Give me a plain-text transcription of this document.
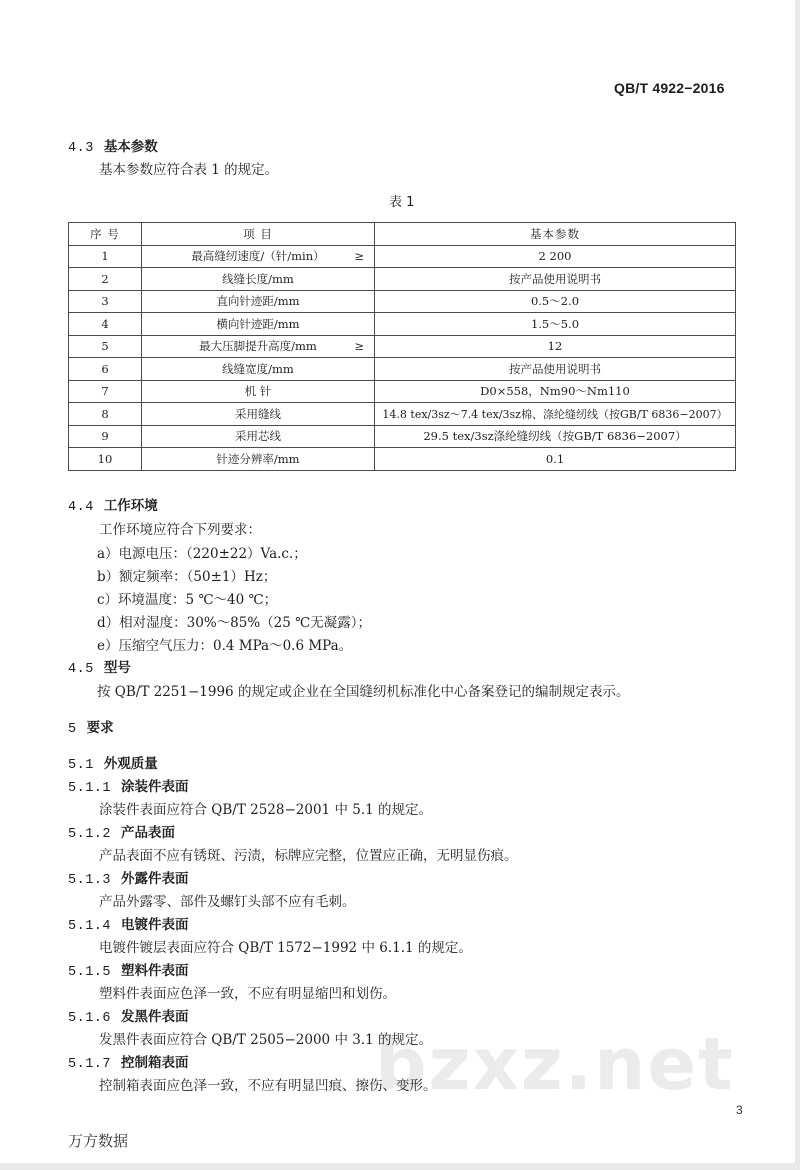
QB/T 4922−2016
4.3 基本参数
基本参数应符合表 1 的规定。
表 1
序 号	项 目	基本参数
1	最高缝纫速度/（针/min） ≥	2 200
2	线缝长度/mm	按产品使用说明书
3	直向针迹距/mm	0.5～2.0
4	横向针迹距/mm	1.5～5.0
5	最大压脚提升高度/mm ≥	12
6	线缝宽度/mm	按产品使用说明书
7	机 针	D0×558，Nm90～Nm110
8	采用缝线	14.8 tex/3sz～7.4 tex/3sz棉、涤纶缝纫线（按GB/T 6836−2007）
9	采用芯线	29.5 tex/3sz涤纶缝纫线（按GB/T 6836−2007）
10	针迹分辨率/mm	0.1
4.4 工作环境
工作环境应符合下列要求：
a）电源电压：（220±22）Va.c.；
b）额定频率：（50±1）Hz；
c）环境温度：5 ℃～40 ℃；
d）相对湿度：30%～85%（25 ℃无凝露）；
e）压缩空气压力：0.4 MPa～0.6 MPa。
4.5 型号
按 QB/T 2251−1996 的规定或企业在全国缝纫机标准化中心备案登记的编制规定表示。
5 要求
5.1 外观质量
5.1.1 涂装件表面
涂装件表面应符合 QB/T 2528−2001 中 5.1 的规定。
5.1.2 产品表面
产品表面不应有锈斑、污渍，标牌应完整，位置应正确，无明显伤痕。
5.1.3 外露件表面
产品外露零、部件及螺钉头部不应有毛刺。
5.1.4 电镀件表面
电镀件镀层表面应符合 QB/T 1572−1992 中 6.1.1 的规定。
5.1.5 塑料件表面
塑料件表面应色泽一致，不应有明显缩凹和划伤。
bzxz.net
5.1.6 发黑件表面
发黑件表面应符合 QB/T 2505−2000 中 3.1 的规定。
5.1.7 控制箱表面
控制箱表面应色泽一致，不应有明显凹痕、擦伤、变形。
3
万方数据
